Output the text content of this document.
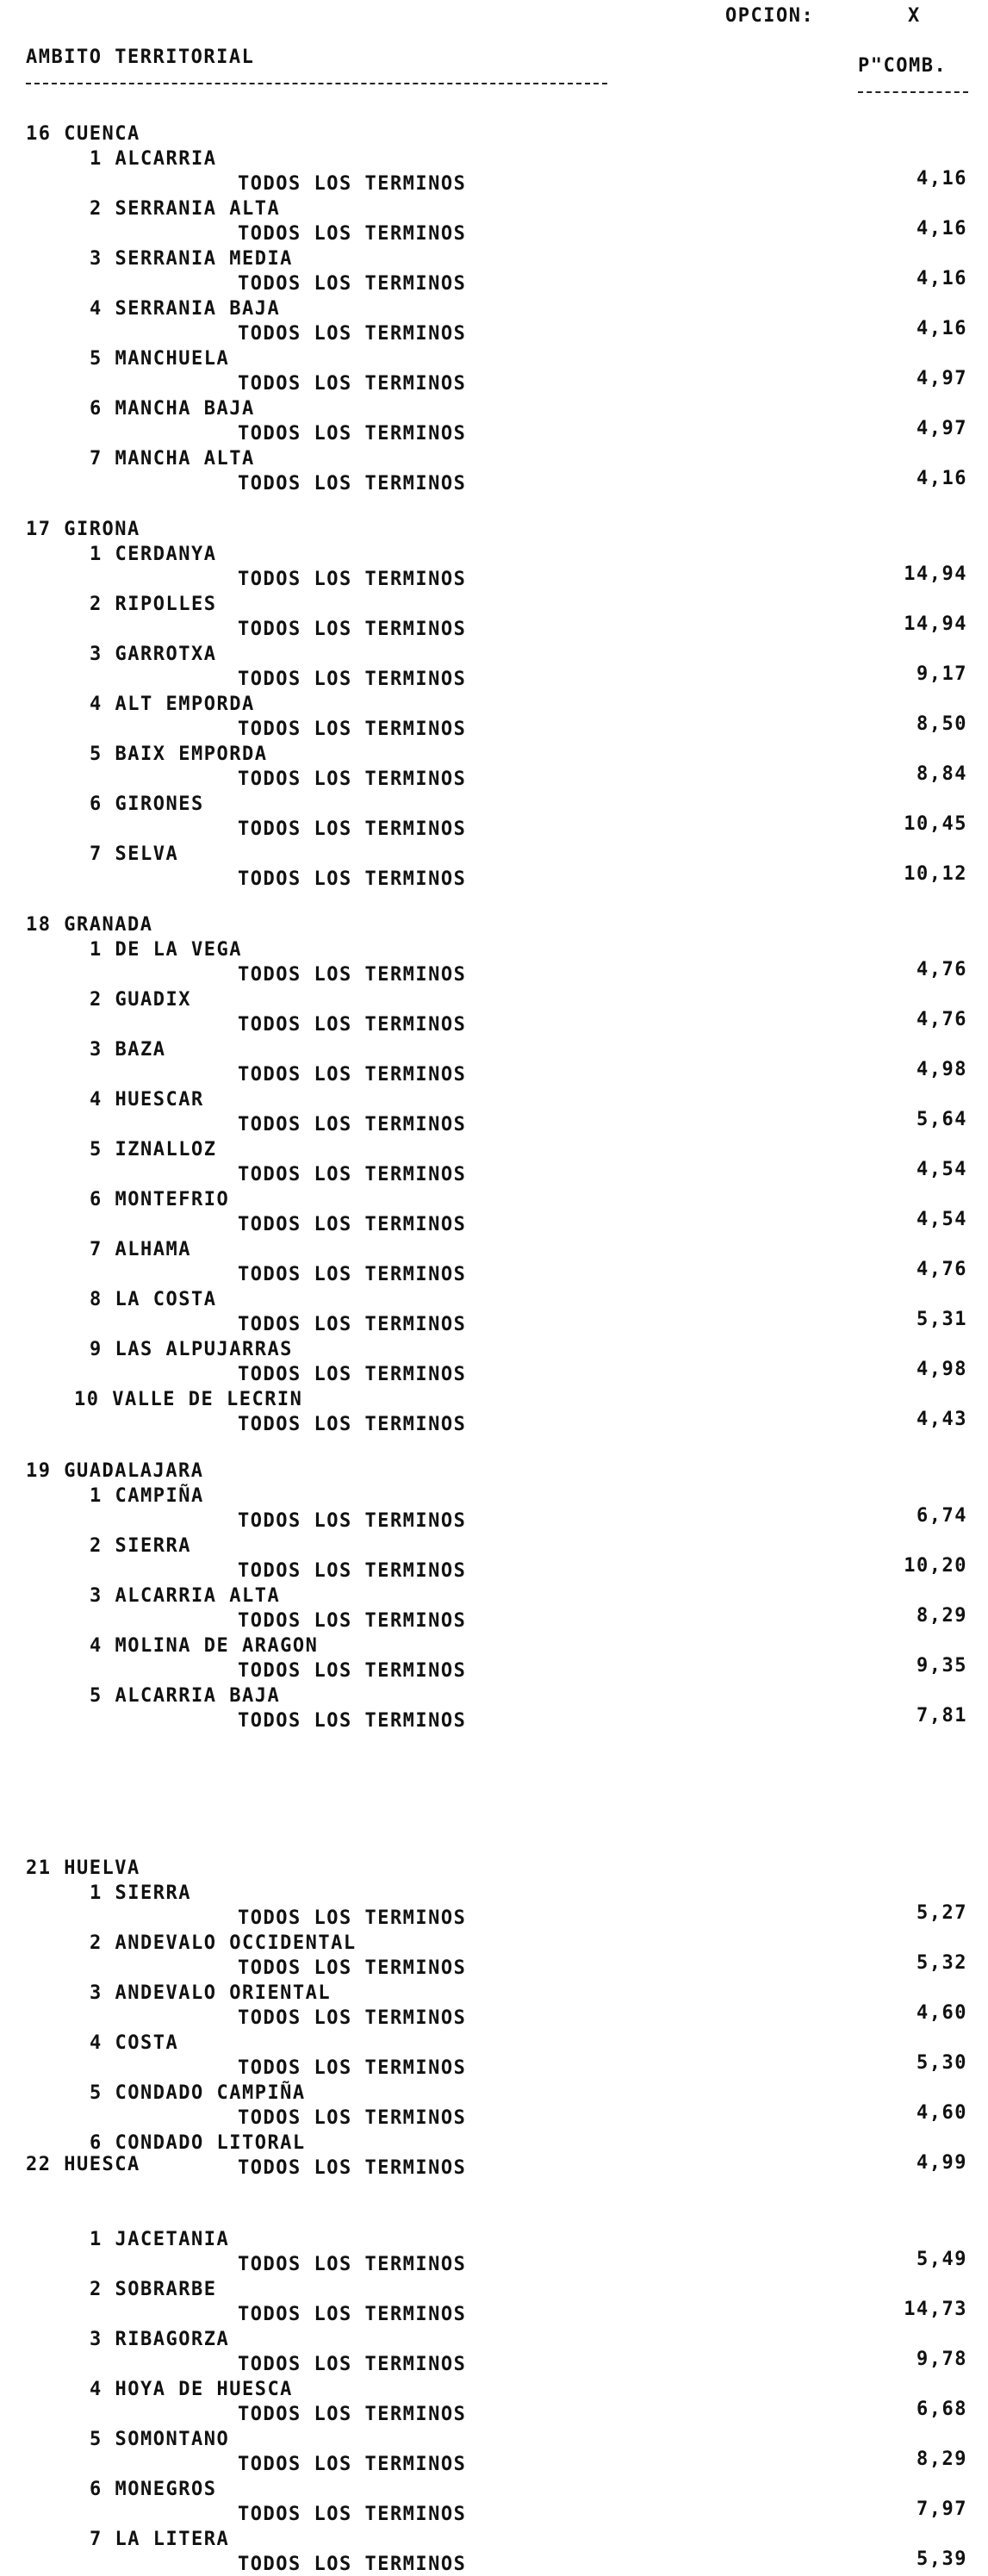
OPCION:	X
AMBITO TERRITORIAL	P"COMB.
16 CUENCA
1 ALCARRIA
TODOS LOS TERMINOS	4,16
2 SERRANIA ALTA
TODOS LOS TERMINOS	4,16
3 SERRANIA MEDIA
TODOS LOS TERMINOS	4,16
4 SERRANIA BAJA
TODOS LOS TERMINOS	4,16
5 MANCHUELA
TODOS LOS TERMINOS	4,97
6 MANCHA BAJA
TODOS LOS TERMINOS	4,97
7 MANCHA ALTA
TODOS LOS TERMINOS	4,16
17 GIRONA
1 CERDANYA
TODOS LOS TERMINOS	14,94
2 RIPOLLES
TODOS LOS TERMINOS	14,94
3 GARROTXA
TODOS LOS TERMINOS	9,17
4 ALT EMPORDA
TODOS LOS TERMINOS	8,50
5 BAIX EMPORDA
TODOS LOS TERMINOS	8,84
6 GIRONES
TODOS LOS TERMINOS	10,45
7 SELVA
TODOS LOS TERMINOS	10,12
18 GRANADA
1 DE LA VEGA
TODOS LOS TERMINOS	4,76
2 GUADIX
TODOS LOS TERMINOS	4,76
3 BAZA
TODOS LOS TERMINOS	4,98
4 HUESCAR
TODOS LOS TERMINOS	5,64
5 IZNALLOZ
TODOS LOS TERMINOS	4,54
6 MONTEFRIO
TODOS LOS TERMINOS	4,54
7 ALHAMA
TODOS LOS TERMINOS	4,76
8 LA COSTA
TODOS LOS TERMINOS	5,31
9 LAS ALPUJARRAS
TODOS LOS TERMINOS	4,98
10 VALLE DE LECRIN
TODOS LOS TERMINOS	4,43
19 GUADALAJARA
1 CAMPIÑA
TODOS LOS TERMINOS	6,74
2 SIERRA
TODOS LOS TERMINOS	10,20
3 ALCARRIA ALTA
TODOS LOS TERMINOS	8,29
4 MOLINA DE ARAGON
TODOS LOS TERMINOS	9,35
5 ALCARRIA BAJA
TODOS LOS TERMINOS	7,81
21 HUELVA
1 SIERRA
TODOS LOS TERMINOS	5,27
2 ANDEVALO OCCIDENTAL
TODOS LOS TERMINOS	5,32
3 ANDEVALO ORIENTAL
TODOS LOS TERMINOS	4,60
4 COSTA
TODOS LOS TERMINOS	5,30
5 CONDADO CAMPIÑA
TODOS LOS TERMINOS	4,60
6 CONDADO LITORAL
TODOS LOS TERMINOS	4,99
22 HUESCA
1 JACETANIA
TODOS LOS TERMINOS	5,49
2 SOBRARBE
TODOS LOS TERMINOS	14,73
3 RIBAGORZA
TODOS LOS TERMINOS	9,78
4 HOYA DE HUESCA
TODOS LOS TERMINOS	6,68
5 SOMONTANO
TODOS LOS TERMINOS	8,29
6 MONEGROS
TODOS LOS TERMINOS	7,97
7 LA LITERA
TODOS LOS TERMINOS	5,39
